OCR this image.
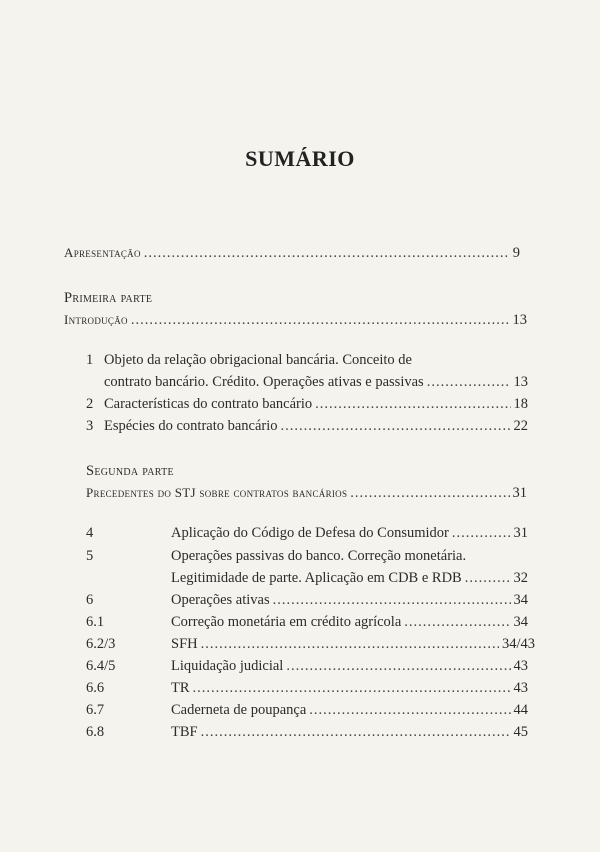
SUMÁRIO
Apresentação .....	9
Primeira parte
Introdução .....	13
1 Objeto da relação obrigacional bancária. Conceito de
contrato bancário. Crédito. Operações ativas e passivas .....	13
2 Características do contrato bancário .....	18
3 Espécies do contrato bancário .....	22
Segunda parte
Precedentes do STJ sobre contratos bancários .....	31
4	Aplicação do Código de Defesa do Consumidor .....	31
5	Operações passivas do banco. Correção monetária.
Legitimidade de parte. Aplicação em CDB e RDB .....	32
6	Operações ativas .....	34
6.1	Correção monetária em crédito agrícola .....	34
6.2/3	SFH .....	34/43
6.4/5	Liquidação judicial .....	43
6.6	TR .....	43
6.7	Caderneta de poupança .....	44
6.8	TBF .....	45
